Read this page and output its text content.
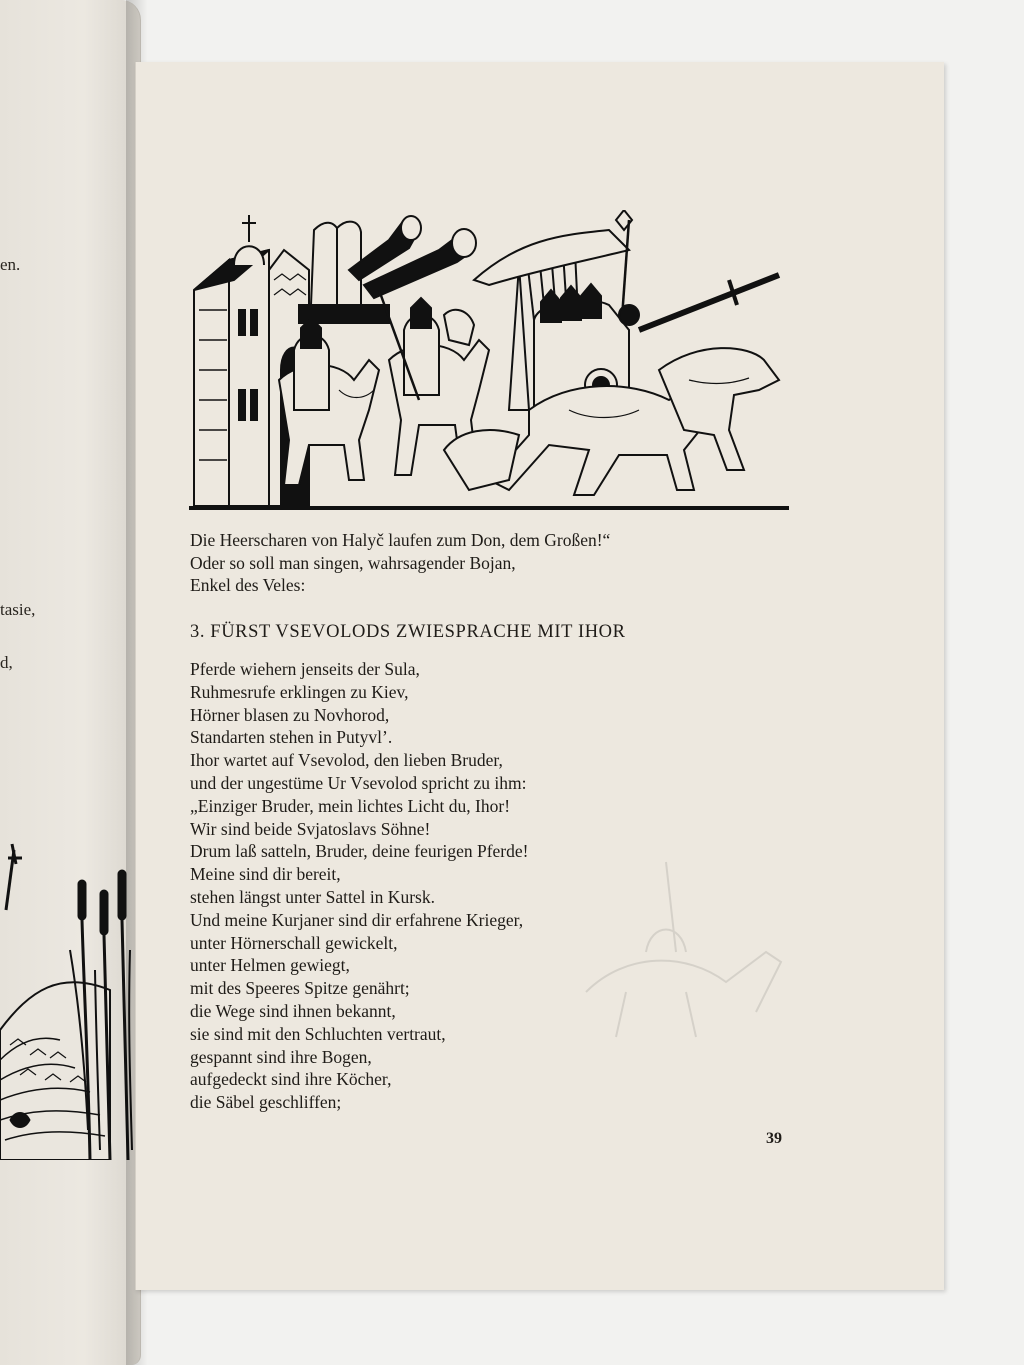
en.
tasie,
d,
Die Heerscharen von Halyč laufen zum Don, dem Großen!“
Oder so soll man singen, wahrsagender Bojan,
Enkel des Veles:
3. FÜRST VSEVOLODS ZWIESPRACHE MIT IHOR
Pferde wiehern jenseits der Sula,
Ruhmesrufe erklingen zu Kiev,
Hörner blasen zu Novhorod,
Standarten stehen in Putyvl’.
Ihor wartet auf Vsevolod, den lieben Bruder,
und der ungestüme Ur Vsevolod spricht zu ihm:
„Einziger Bruder, mein lichtes Licht du, Ihor!
Wir sind beide Svjatoslavs Söhne!
Drum laß satteln, Bruder, deine feurigen Pferde!
Meine sind dir bereit,
stehen längst unter Sattel in Kursk.
Und meine Kurjaner sind dir erfahrene Krieger,
unter Hörnerschall gewickelt,
unter Helmen gewiegt,
mit des Speeres Spitze genährt;
die Wege sind ihnen bekannt,
sie sind mit den Schluchten vertraut,
gespannt sind ihre Bogen,
aufgedeckt sind ihre Köcher,
die Säbel geschliffen;
39
